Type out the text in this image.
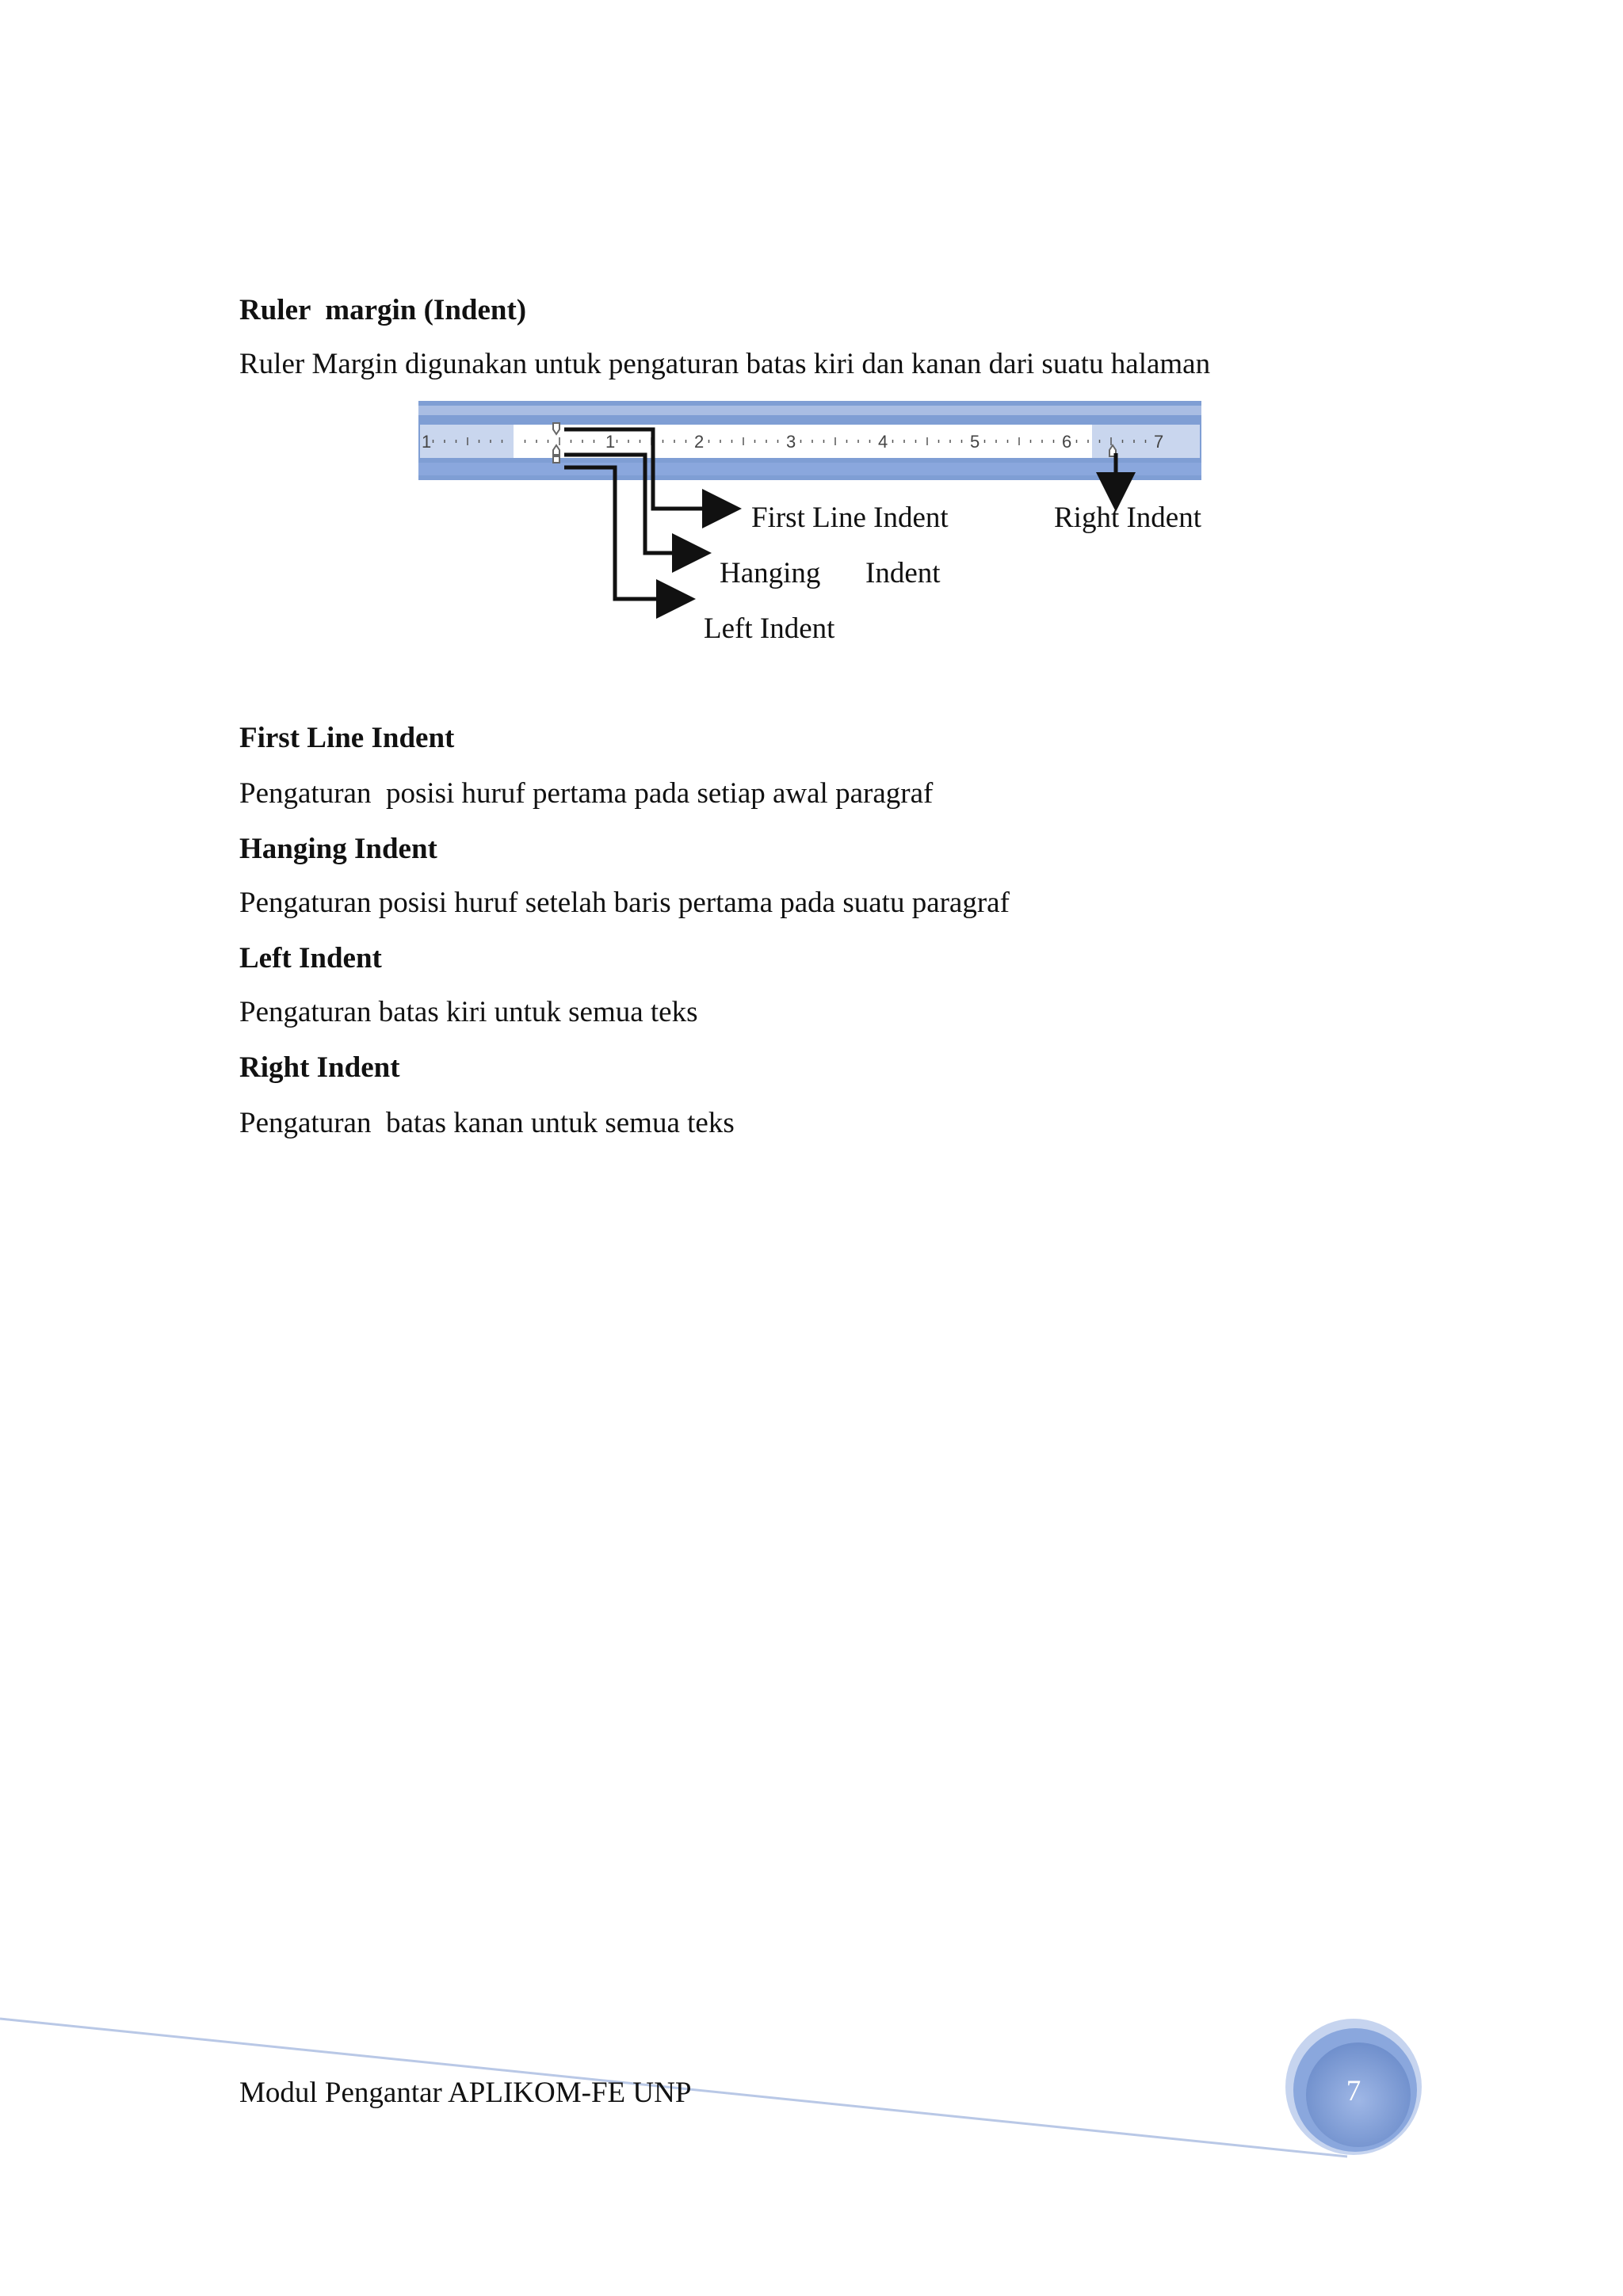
Ruler  margin (Indent)
Ruler Margin digunakan untuk pengaturan batas kiri dan kanan dari suatu halaman
1	1	2	3	4	5	6	7
First Line Indent	Right Indent
Hanging Indent
Left Indent
First Line Indent
Pengaturan  posisi huruf pertama pada setiap awal paragraf
Hanging Indent
Pengaturan posisi huruf setelah baris pertama pada suatu paragraf
Left Indent
Pengaturan batas kiri untuk semua teks
Right Indent
Pengaturan  batas kanan untuk semua teks
Modul Pengantar APLIKOM-FE UNP	7
